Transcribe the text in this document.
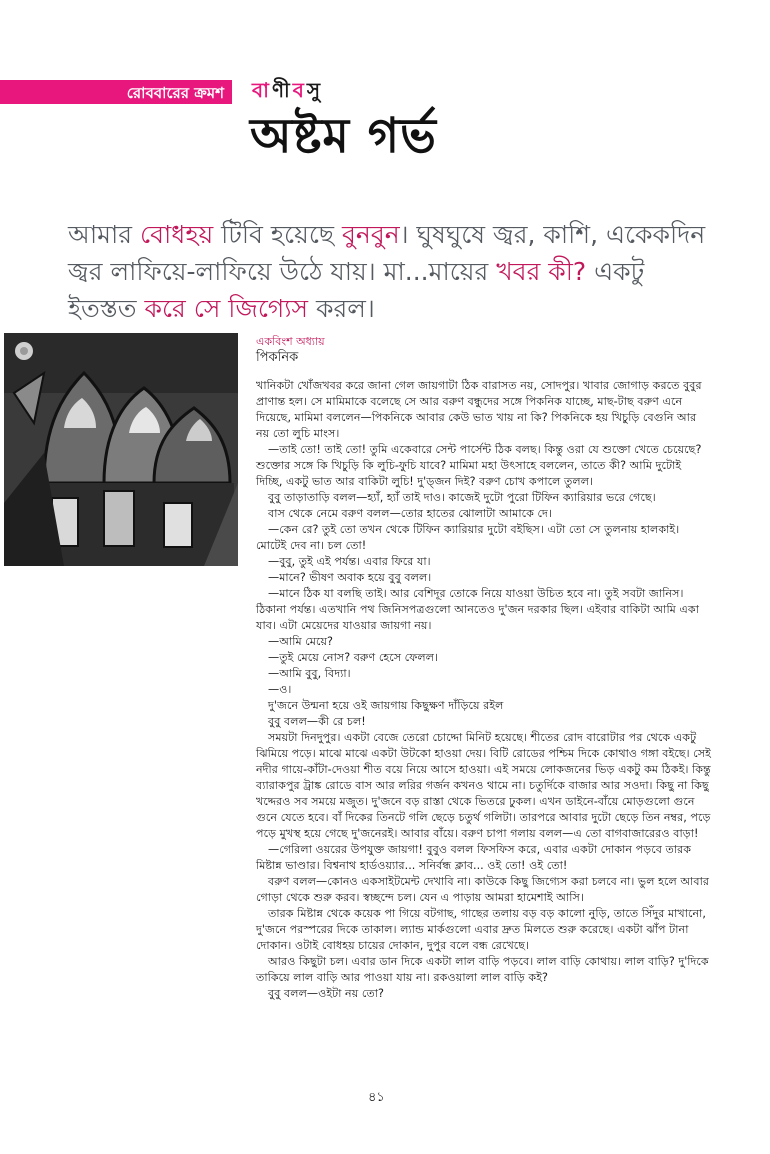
রোববারের ক্রমশ বাণীবসু
অষ্টম গর্ভ
আমার বোধহয় টিবি হয়েছে বুনবুন। ঘুষঘুষে জ্বর, কাশি, একেকদিন জ্বর লাফিয়ে-লাফিয়ে উঠে যায়। মা...মায়ের খবর কী? একটু ইতস্তত করে সে জিগ্যেস করল।
একবিংশ অধ্যায়
পিকনিক

খানিকটা খোঁজখবর করে জানা গেল জায়গাটা ঠিক বারাসত নয়, সোদপুর। খাবার জোগাড় করতে বুবুর প্রাণান্ত হল। সে মামিমাকে বলেছে সে আর বরুণ বন্ধুদের সঙ্গে পিকনিক যাচ্ছে, মাছ-টাছ বরুণ এনে দিয়েছে, মামিমা বললেন—পিকনিকে আবার কেউ ভাত খায় না কি? পিকনিকে হয় খিচুড়ি বেগুনি আর নয় তো লুচি মাংস।

—তাই তো! তাই তো! তুমি একেবারে সেন্ট পার্সেন্ট ঠিক বলছ। কিন্তু ওরা যে শুক্তো খেতে চেয়েছে? শুক্তোর সঙ্গে কি খিচুড়ি কি লুচি-ফুচি যাবে? মামিমা মহা উৎসাহে বললেন, তাতে কী? আমি দুটোই দিচ্ছি, একটু ভাত আর বাকিটা লুচি! দু'ড্জন দিই? বরুণ চোখ কপালে তুলল।

বুবু তাড়াতাড়ি বলল—হ্যাঁ, হ্যাঁ তাই দাও। কাজেই দুটো পুরো টিফিন ক্যারিয়ার ভরে গেছে।

বাস থেকে নেমে বরুণ বলল—তোর হাতের ঝোলাটা আমাকে দে।

—কেন রে? তুই তো তখন থেকে টিফিন ক্যারিয়ার দুটো বইছিস। এটা তো সে তুলনায় হালকাই। মোটেই দেব না। চল তো!

—বুবু, তুই এই পর্যন্ত। এবার ফিরে যা।

—মানে? ভীষণ অবাক হয়ে বুবু বলল।

—মানে ঠিক যা বলছি তাই। আর বেশিদূর তোকে নিয়ে যাওয়া উচিত হবে না। তুই সবটা জানিস। ঠিকানা পর্যন্ত। এতখানি পথ জিনিসপত্রগুলো আনতেও দু'জন দরকার ছিল। এইবার বাকিটা আমি একা যাব। এটা মেয়েদের যাওয়ার জায়গা নয়।

—আমি মেয়ে?

—তুই মেয়ে নোস? বরুণ হেসে ফেলল।

—আমি বুবু, বিদ্যা।

—ও।

দু'জনে উন্মনা হয়ে ওই জায়গায় কিছুক্ষণ দাঁড়িয়ে রইল

বুবু বলল—কী রে চল!

সময়টা দিনদুপুর। একটা বেজে তেরো চোদ্দো মিনিট হয়েছে। শীতের রোদ বারোটার পর থেকে একটু ঝিমিয়ে পড়ে। মাঝে মাঝে একটা উটকো হাওয়া দেয়। বিটি রোডের পশ্চিম দিকে কোথাও গঙ্গা বইছে। সেই নদীর গায়ে-কাঁটা-দেওয়া শীত বয়ে নিয়ে আসে হাওয়া। এই সময়ে লোকজনের ভিড় একটু কম ঠিকই। কিন্তু ব্যারাকপুর ট্রাঙ্ক রোডে বাস আর লরির গর্জন কখনও থামে না। চতুর্দিকে বাজার আর সওদা। কিছু না কিছু খদ্দেরও সব সময়ে মজুত। দু'জনে বড় রাস্তা থেকে ভিতরে ঢুকল। এখন ডাইনে-বাঁয়ে মোড়গুলো গুনে গুনে যেতে হবে। বাঁ দিকের তিনটে গলি ছেড়ে চতুর্থ গলিটা। তারপরে আবার দুটো ছেড়ে তিন নম্বর, পড়ে পড়ে মুখস্থ হয়ে গেছে দু'জনেরই। আবার বাঁয়ে। বরুণ চাপা গলায় বলল—এ তো বাগবাজারেরও বাড়া!

—গেরিলা ওয়রের উপযুক্ত জায়গা! বুবুও বলল ফিসফিস করে, এবার একটা দোকান পড়বে তারক মিষ্টান্ন ভাণ্ডার। বিশ্বনাথ হার্ডওয়্যার... সনির্বন্ধ ক্লাব... ওই তো! ওই তো!

বরুণ বলল—কোনও একসাইটমেন্ট দেখাবি না। কাউকে কিছু জিগ্যেস করা চলবে না। ভুল হলে আবার গোড়া থেকে শুরু করব। স্বচ্ছন্দে চল। যেন এ পাড়ায় আমরা হামেশাই আসি।

তারক মিষ্টান্ন থেকে কয়েক পা গিয়ে বটগাছ, গাছের তলায় বড় বড় কালো নুড়ি, তাতে সিঁদুর মাখানো, দু'জনে পরস্পরের দিকে তাকাল। ল্যান্ড মার্কগুলো এবার দ্রুত মিলতে শুরু করেছে। একটা ঝাঁপ টানা দোকান। ওটাই বোধহয় চায়ের দোকান, দুপুর বলে বন্ধ রেখেছে।

আরও কিছুটা চল। এবার ডান দিকে একটা লাল বাড়ি পড়বে। লাল বাড়ি কোথায়। লাল বাড়ি? দু'দিকে তাকিয়ে লাল বাড়ি আর পাওয়া যায় না। রকওয়ালা লাল বাড়ি কই?

বুবু বলল—ওইটা নয় তো?

৪১
